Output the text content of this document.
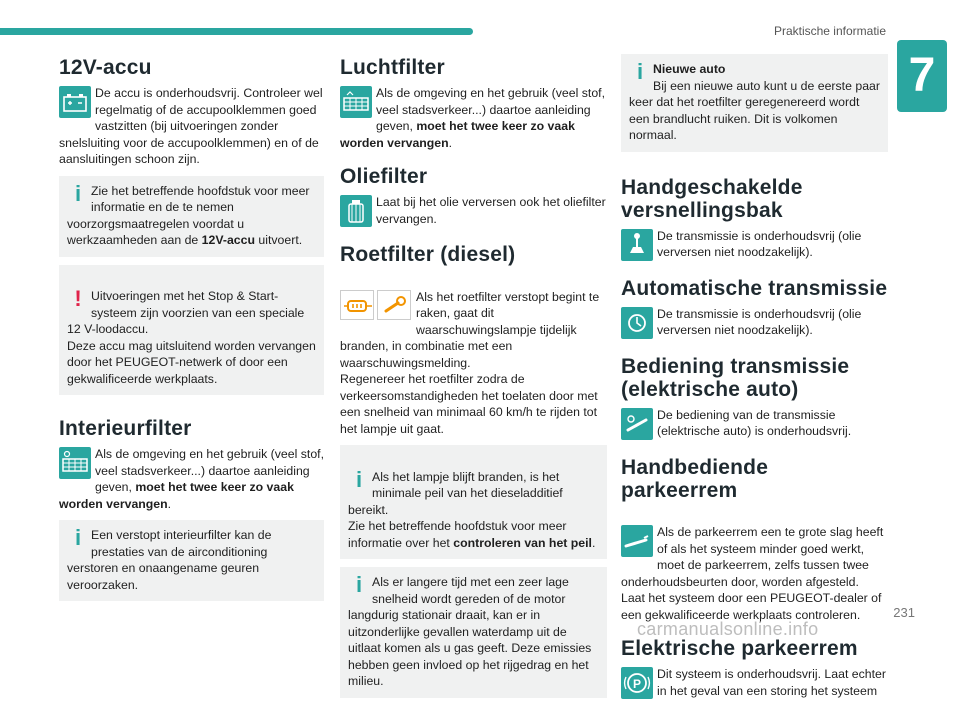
Praktische informatie
7
12V-accu
De accu is onderhoudsvrij. Controleer wel regelmatig of de accupoolklemmen goed vastzitten (bij uitvoeringen zonder snelsluiting voor de accupoolklemmen) en of de aansluitingen schoon zijn.
i Zie het betreffende hoofdstuk voor meer informatie en de te nemen voorzorgsmaatregelen voordat u werkzaamheden aan de 12V-accu uitvoert.

! Uitvoeringen met het Stop & Start-systeem zijn voorzien van een speciale 12 V-loodaccu.
Deze accu mag uitsluitend worden vervangen door het PEUGEOT-netwerk of door een gekwalificeerde werkplaats.

Interieurfilter
Als de omgeving en het gebruik (veel stof, veel stadsverkeer...) daartoe aanleiding geven, moet het twee keer zo vaak worden vervangen.
i Een verstopt interieurfilter kan de prestaties van de airconditioning verstoren en onaangename geuren veroorzaken.
Luchtfilter
Als de omgeving en het gebruik (veel stof, veel stadsverkeer...) daartoe aanleiding geven, moet het twee keer zo vaak worden vervangen.
Oliefilter
Laat bij het olie verversen ook het oliefilter vervangen.
Roetfilter (diesel)

Als het roetfilter verstopt begint te raken, gaat dit waarschuwingslampje tijdelijk branden, in combinatie met een waarschuwingsmelding.
Regenereer het roetfilter zodra de verkeersomstandigheden het toelaten door met een snelheid van minimaal 60 km/h te rijden tot het lampje uit gaat.

i Als het lampje blijft branden, is het minimale peil van het dieseladditief bereikt.
Zie het betreffende hoofdstuk voor meer informatie over het controleren van het peil.

i Als er langere tijd met een zeer lage snelheid wordt gereden of de motor langdurig stationair draait, kan er in uitzonderlijke gevallen waterdamp uit de uitlaat komen als u gas geeft. Deze emissies hebben geen invloed op het rijgedrag en het milieu.
i Nieuwe auto
Bij een nieuwe auto kunt u de eerste paar keer dat het roetfilter geregenereerd wordt een brandlucht ruiken. Dit is volkomen normaal.
Handgeschakelde versnellingsbak
De transmissie is onderhoudsvrij (olie verversen niet noodzakelijk).
Automatische transmissie
De transmissie is onderhoudsvrij (olie verversen niet noodzakelijk).
Bediening transmissie (elektrische auto)
De bediening van de transmissie (elektrische auto) is onderhoudsvrij.
Handbediende parkeerrem

Als de parkeerrem een te grote slag heeft of als het systeem minder goed werkt, moet de parkeerrem, zelfs tussen twee onderhoudsbeurten door, worden afgesteld.
Laat het systeem door een PEUGEOT-dealer of een gekwalificeerde werkplaats controleren.

Elektrische parkeerrem
P
Dit systeem is onderhoudsvrij. Laat echter in het geval van een storing het systeem
231
carmanualsonline.info
